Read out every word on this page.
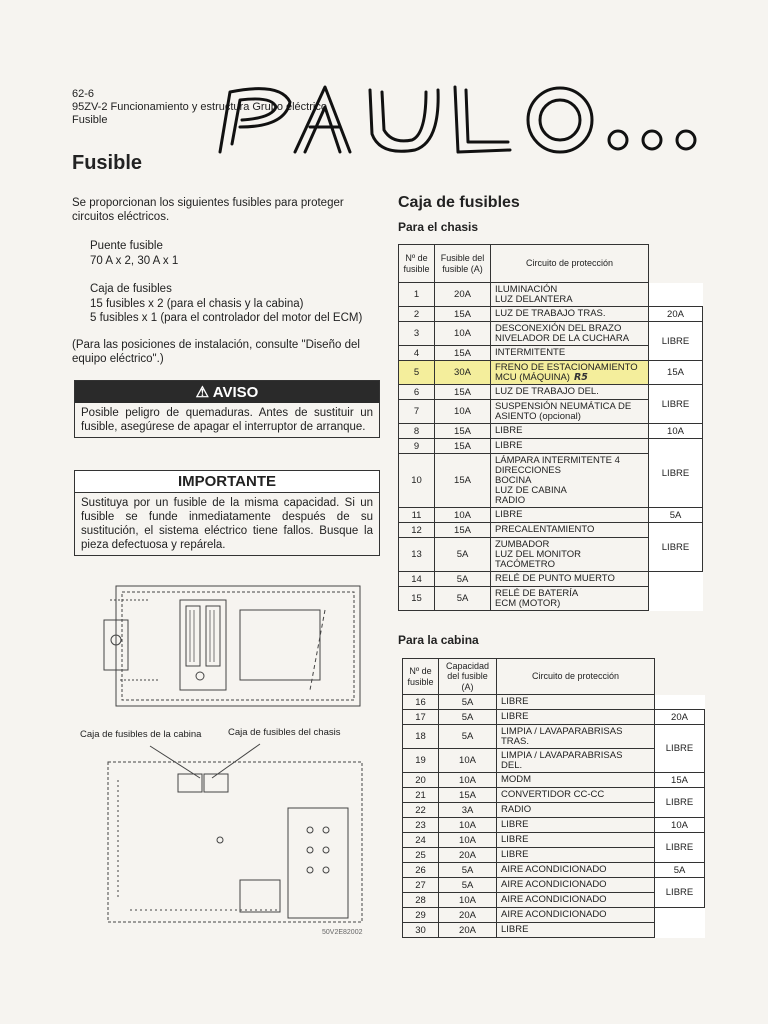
62-6
95ZV-2 Funcionamiento y estructura Grupo eléctrico
Fusible
PAULO...
Fusible
Se proporcionan los siguientes fusibles para proteger circuitos eléctricos.
Puente fusible
70 A x 2, 30 A x 1
Caja de fusibles
15 fusibles x 2 (para el chasis y la cabina)
5 fusibles x 1 (para el controlador del motor del ECM)
(Para las posiciones de instalación, consulte "Diseño del equipo eléctrico".)
⚠ AVISO
Posible peligro de quemaduras. Antes de sustituir un fusible, asegúrese de apagar el interruptor de arranque.
IMPORTANTE
Sustituya por un fusible de la misma capacidad. Si un fusible se funde inmediatamente después de su sustitución, el sistema eléctrico tiene fallos. Busque la pieza defectuosa y repárela.
Caja de fusibles de la cabina	Caja de fusibles del chasis
50V2E82002
Caja de fusibles
Para el chasis
Nº de fusible	Fusible del fusible (A)	Circuito de protección	
1	20A	ILUMINACIÓN
LUZ DELANTERA	
2	15A	LUZ DE TRABAJO TRAS.	20A
3	10A	DESCONEXIÓN DEL BRAZO
NIVELADOR DE LA CUCHARA	LIBRE
4	15A	INTERMITENTE	
5	30A	FRENO DE ESTACIONAMIENTO
MCU (MÁQUINA) R5	15A
6	15A	LUZ DE TRABAJO DEL.	LIBRE
7	10A	SUSPENSIÓN NEUMÁTICA DE
ASIENTO (opcional)	
8	15A	LIBRE	10A
9	15A	LIBRE	LIBRE
10	15A	LÁMPARA INTERMITENTE 4
DIRECCIONES
BOCINA
LUZ DE CABINA
RADIO	
11	10A	LIBRE	5A
12	15A	PRECALENTAMIENTO	LIBRE
13	5A	ZUMBADOR
LUZ DEL MONITOR
TACÓMETRO	
14	5A	RELÉ DE PUNTO MUERTO	
15	5A	RELÉ DE BATERÍA
ECM (MOTOR)	
Para la cabina
Nº de fusible	Capacidad del fusible (A)	Circuito de protección	
16	5A	LIBRE	
17	5A	LIBRE	20A
18	5A	LIMPIA / LAVAPARABRISAS
TRAS.	LIBRE
19	10A	LIMPIA / LAVAPARABRISAS
DEL.	
20	10A	MODM	15A
21	15A	CONVERTIDOR CC-CC	LIBRE
22	3A	RADIO	
23	10A	LIBRE	10A
24	10A	LIBRE	LIBRE
25	20A	LIBRE	
26	5A	AIRE ACONDICIONADO	5A
27	5A	AIRE ACONDICIONADO	LIBRE
28	10A	AIRE ACONDICIONADO	
29	20A	AIRE ACONDICIONADO	
30	20A	LIBRE	
